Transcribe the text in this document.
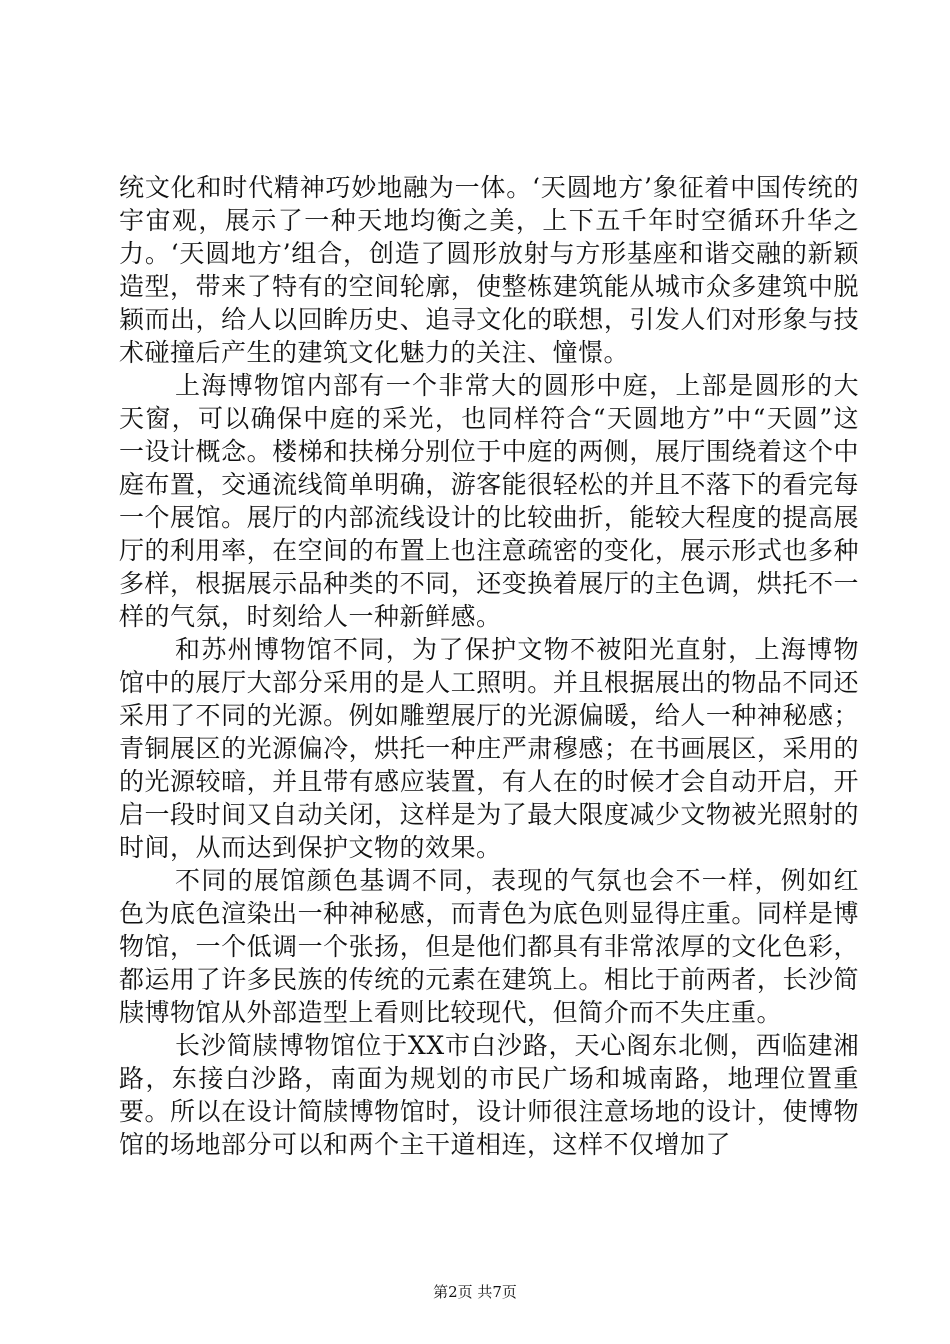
统文化和时代精神巧妙地融为一体。‘天圆地方’象征着中国传统的宇宙观，展示了一种天地均衡之美，上下五千年时空循环升华之力。‘天圆地方’组合，创造了圆形放射与方形基座和谐交融的新颖造型，带来了特有的空间轮廓，使整栋建筑能从城市众多建筑中脱颖而出，给人以回眸历史、追寻文化的联想，引发人们对形象与技术碰撞后产生的建筑文化魅力的关注、憧憬。

上海博物馆内部有一个非常大的圆形中庭，上部是圆形的大天窗，可以确保中庭的采光，也同样符合“天圆地方”中“天圆”这一设计概念。楼梯和扶梯分别位于中庭的两侧，展厅围绕着这个中庭布置，交通流线简单明确，游客能很轻松的并且不落下的看完每一个展馆。展厅的内部流线设计的比较曲折，能较大程度的提高展厅的利用率，在空间的布置上也注意疏密的变化，展示形式也多种多样，根据展示品种类的不同，还变换着展厅的主色调，烘托不一样的气氛，时刻给人一种新鲜感。

和苏州博物馆不同，为了保护文物不被阳光直射，上海博物馆中的展厅大部分采用的是人工照明。并且根据展出的物品不同还采用了不同的光源。例如雕塑展厅的光源偏暖，给人一种神秘感；青铜展区的光源偏冷，烘托一种庄严肃穆感；在书画展区，采用的的光源较暗，并且带有感应装置，有人在的时候才会自动开启，开启一段时间又自动关闭，这样是为了最大限度减少文物被光照射的时间，从而达到保护文物的效果。

不同的展馆颜色基调不同，表现的气氛也会不一样，例如红色为底色渲染出一种神秘感，而青色为底色则显得庄重。同样是博物馆，一个低调一个张扬，但是他们都具有非常浓厚的文化色彩，都运用了许多民族的传统的元素在建筑上。相比于前两者，长沙简牍博物馆从外部造型上看则比较现代，但简介而不失庄重。

长沙简牍博物馆位于XX市白沙路，天心阁东北侧，西临建湘路，东接白沙路，南面为规划的市民广场和城南路，地理位置重要。所以在设计简牍博物馆时，设计师很注意场地的设计，使博物馆的场地部分可以和两个主干道相连，这样不仅增加了

第2页 共7页
